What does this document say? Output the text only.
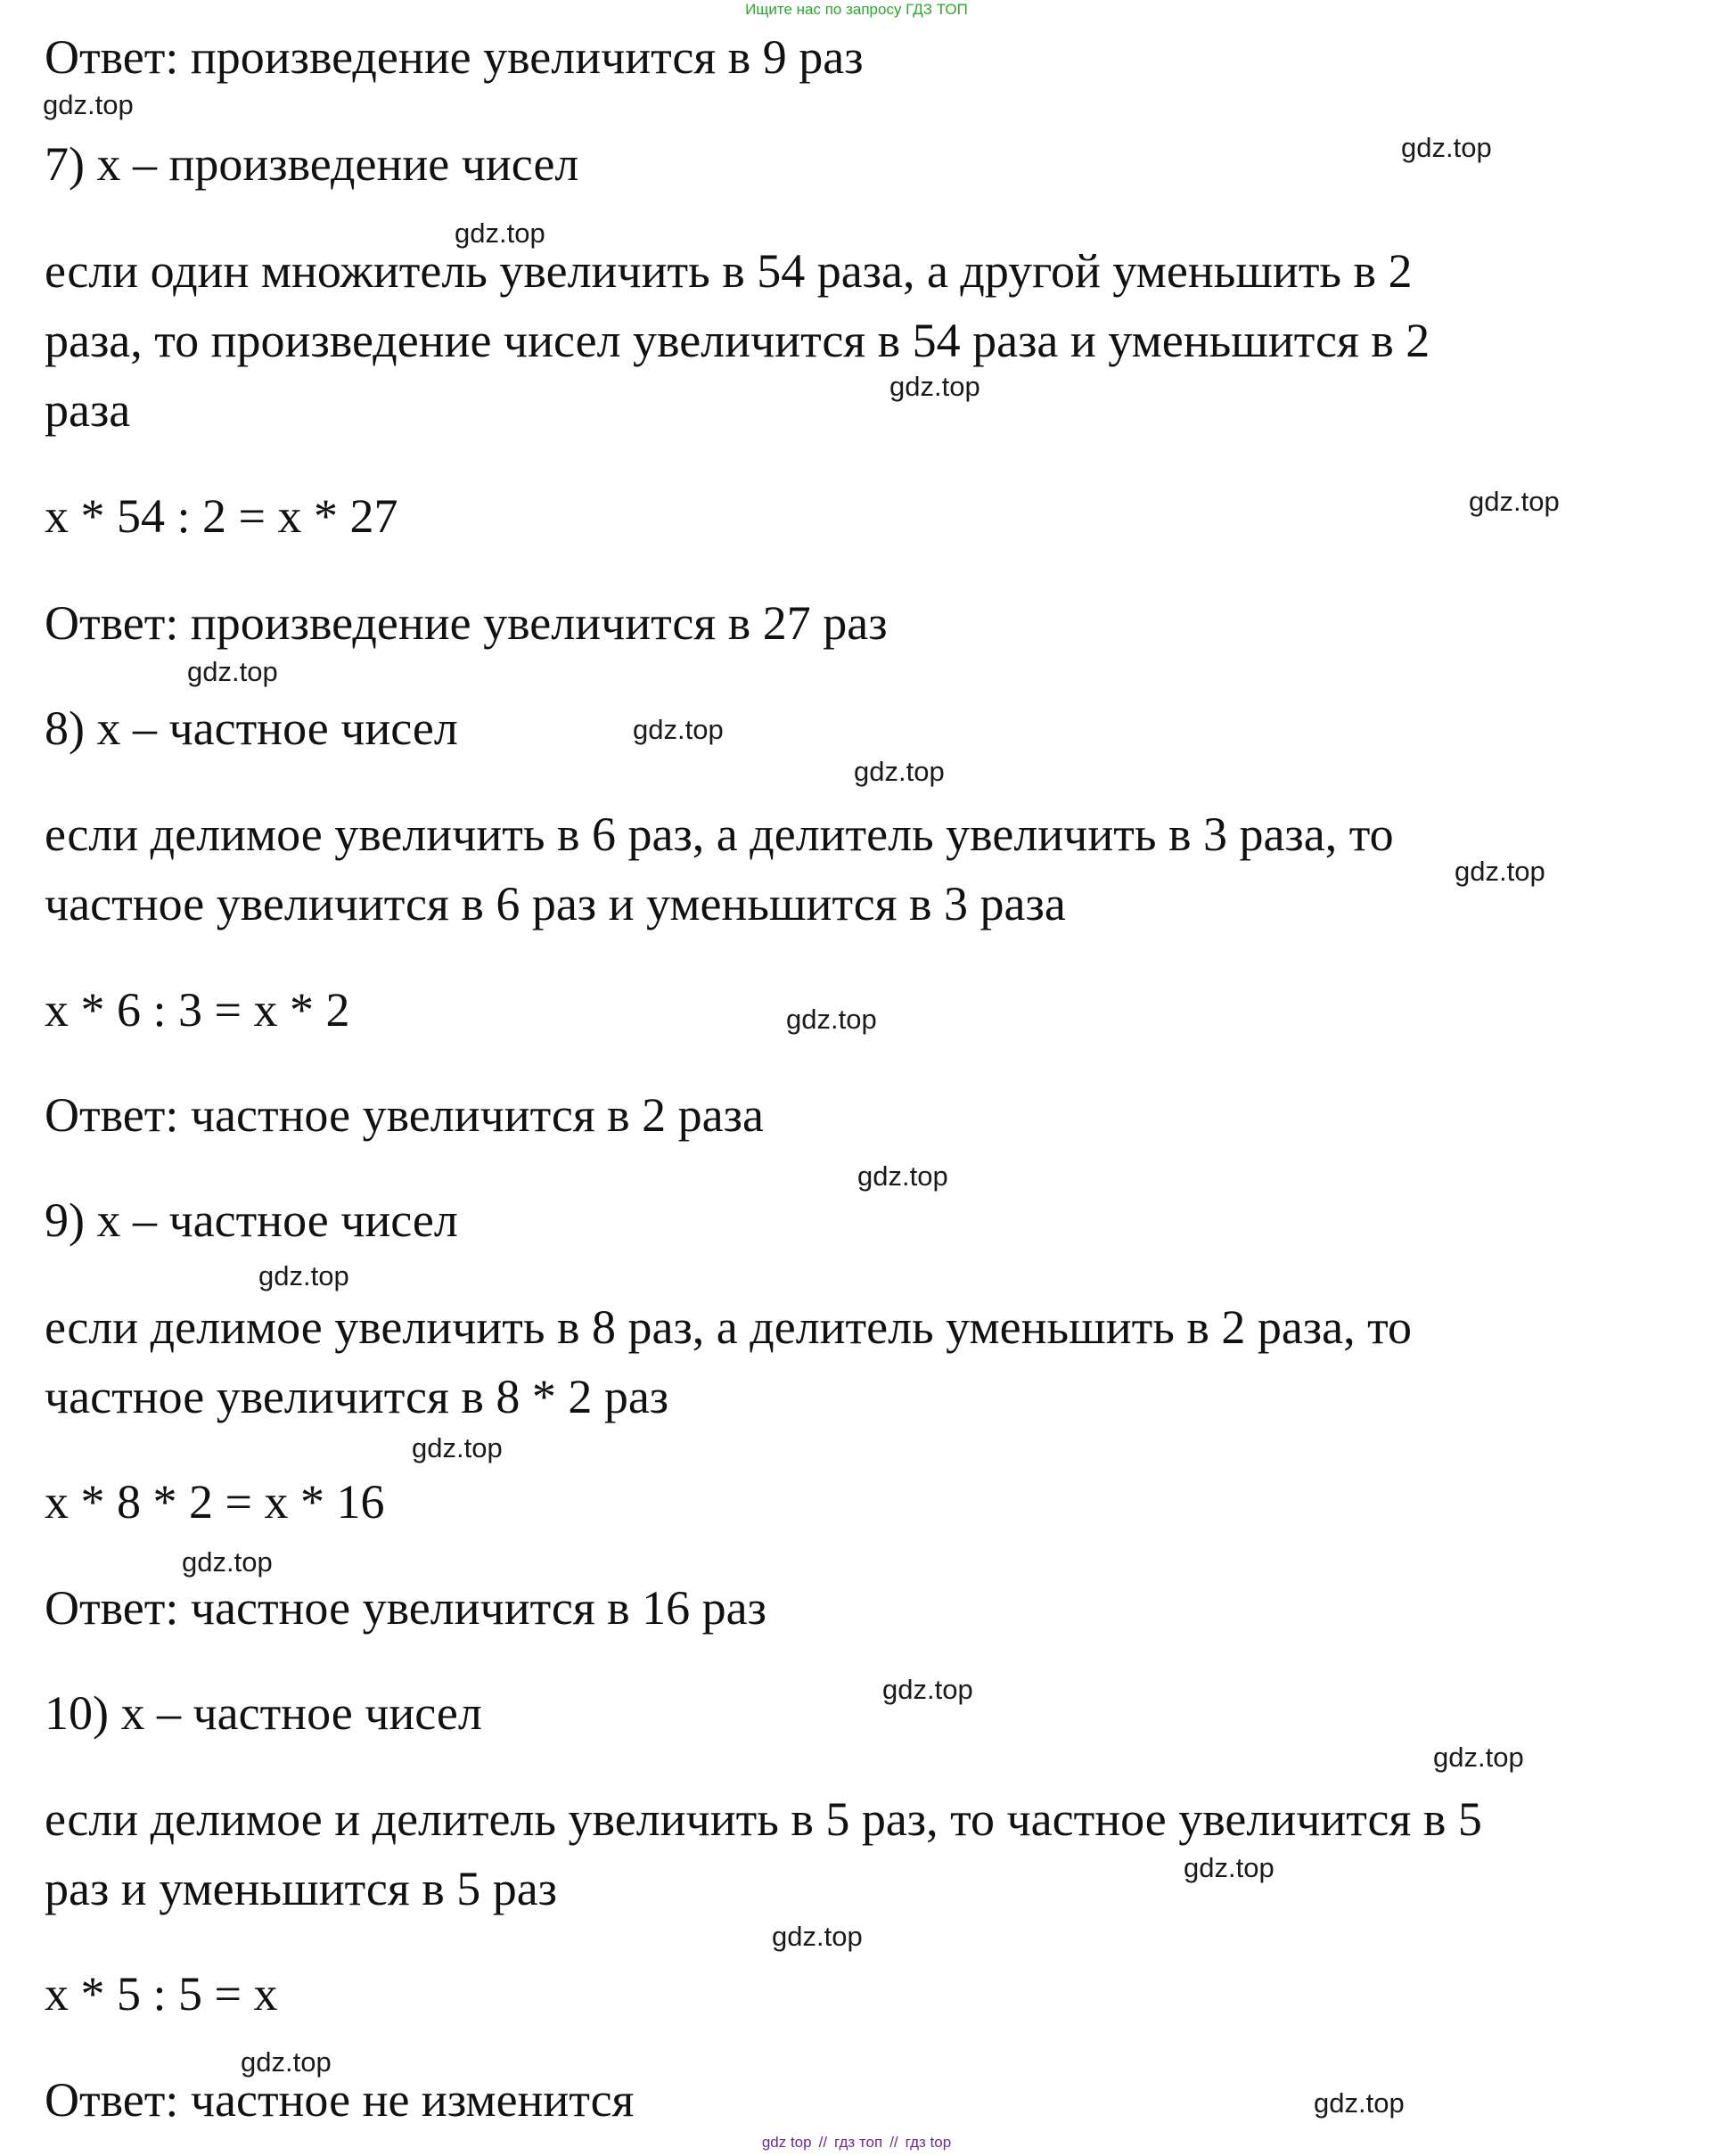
Ищите нас по запросу ГДЗ ТОП

Ответ: произведение увеличится в 9 раз

7) х – произведение чисел

если один множитель увеличить в 54 раза, а другой уменьшить в 2

раза, то произведение чисел увеличится в 54 раза и уменьшится в 2

раза

х * 54 : 2 = х * 27

Ответ: произведение увеличится в 27 раз

8) х – частное чисел

если делимое увеличить в 6 раз, а делитель увеличить в 3 раза, то

частное увеличится в 6 раз и уменьшится в 3 раза

х * 6 : 3 = х * 2

Ответ: частное увеличится в 2 раза

9) х – частное чисел

если делимое увеличить в 8 раз, а делитель уменьшить в 2 раза, то

частное увеличится в 8 * 2 раз

х * 8 * 2 = х * 16

Ответ: частное увеличится в 16 раз

10) х – частное чисел

если делимое и делитель увеличить в 5 раз, то частное увеличится в 5

раз и уменьшится в 5 раз

х * 5 : 5 = х

Ответ: частное не изменится

gdz.top
gdz.top
gdz.top
gdz.top
gdz.top
gdz.top
gdz.top
gdz.top
gdz.top
gdz.top
gdz.top
gdz.top
gdz.top
gdz.top
gdz.top
gdz.top
gdz.top
gdz.top
gdz.top
gdz.top
gdz top // гдз топ // гдз top
